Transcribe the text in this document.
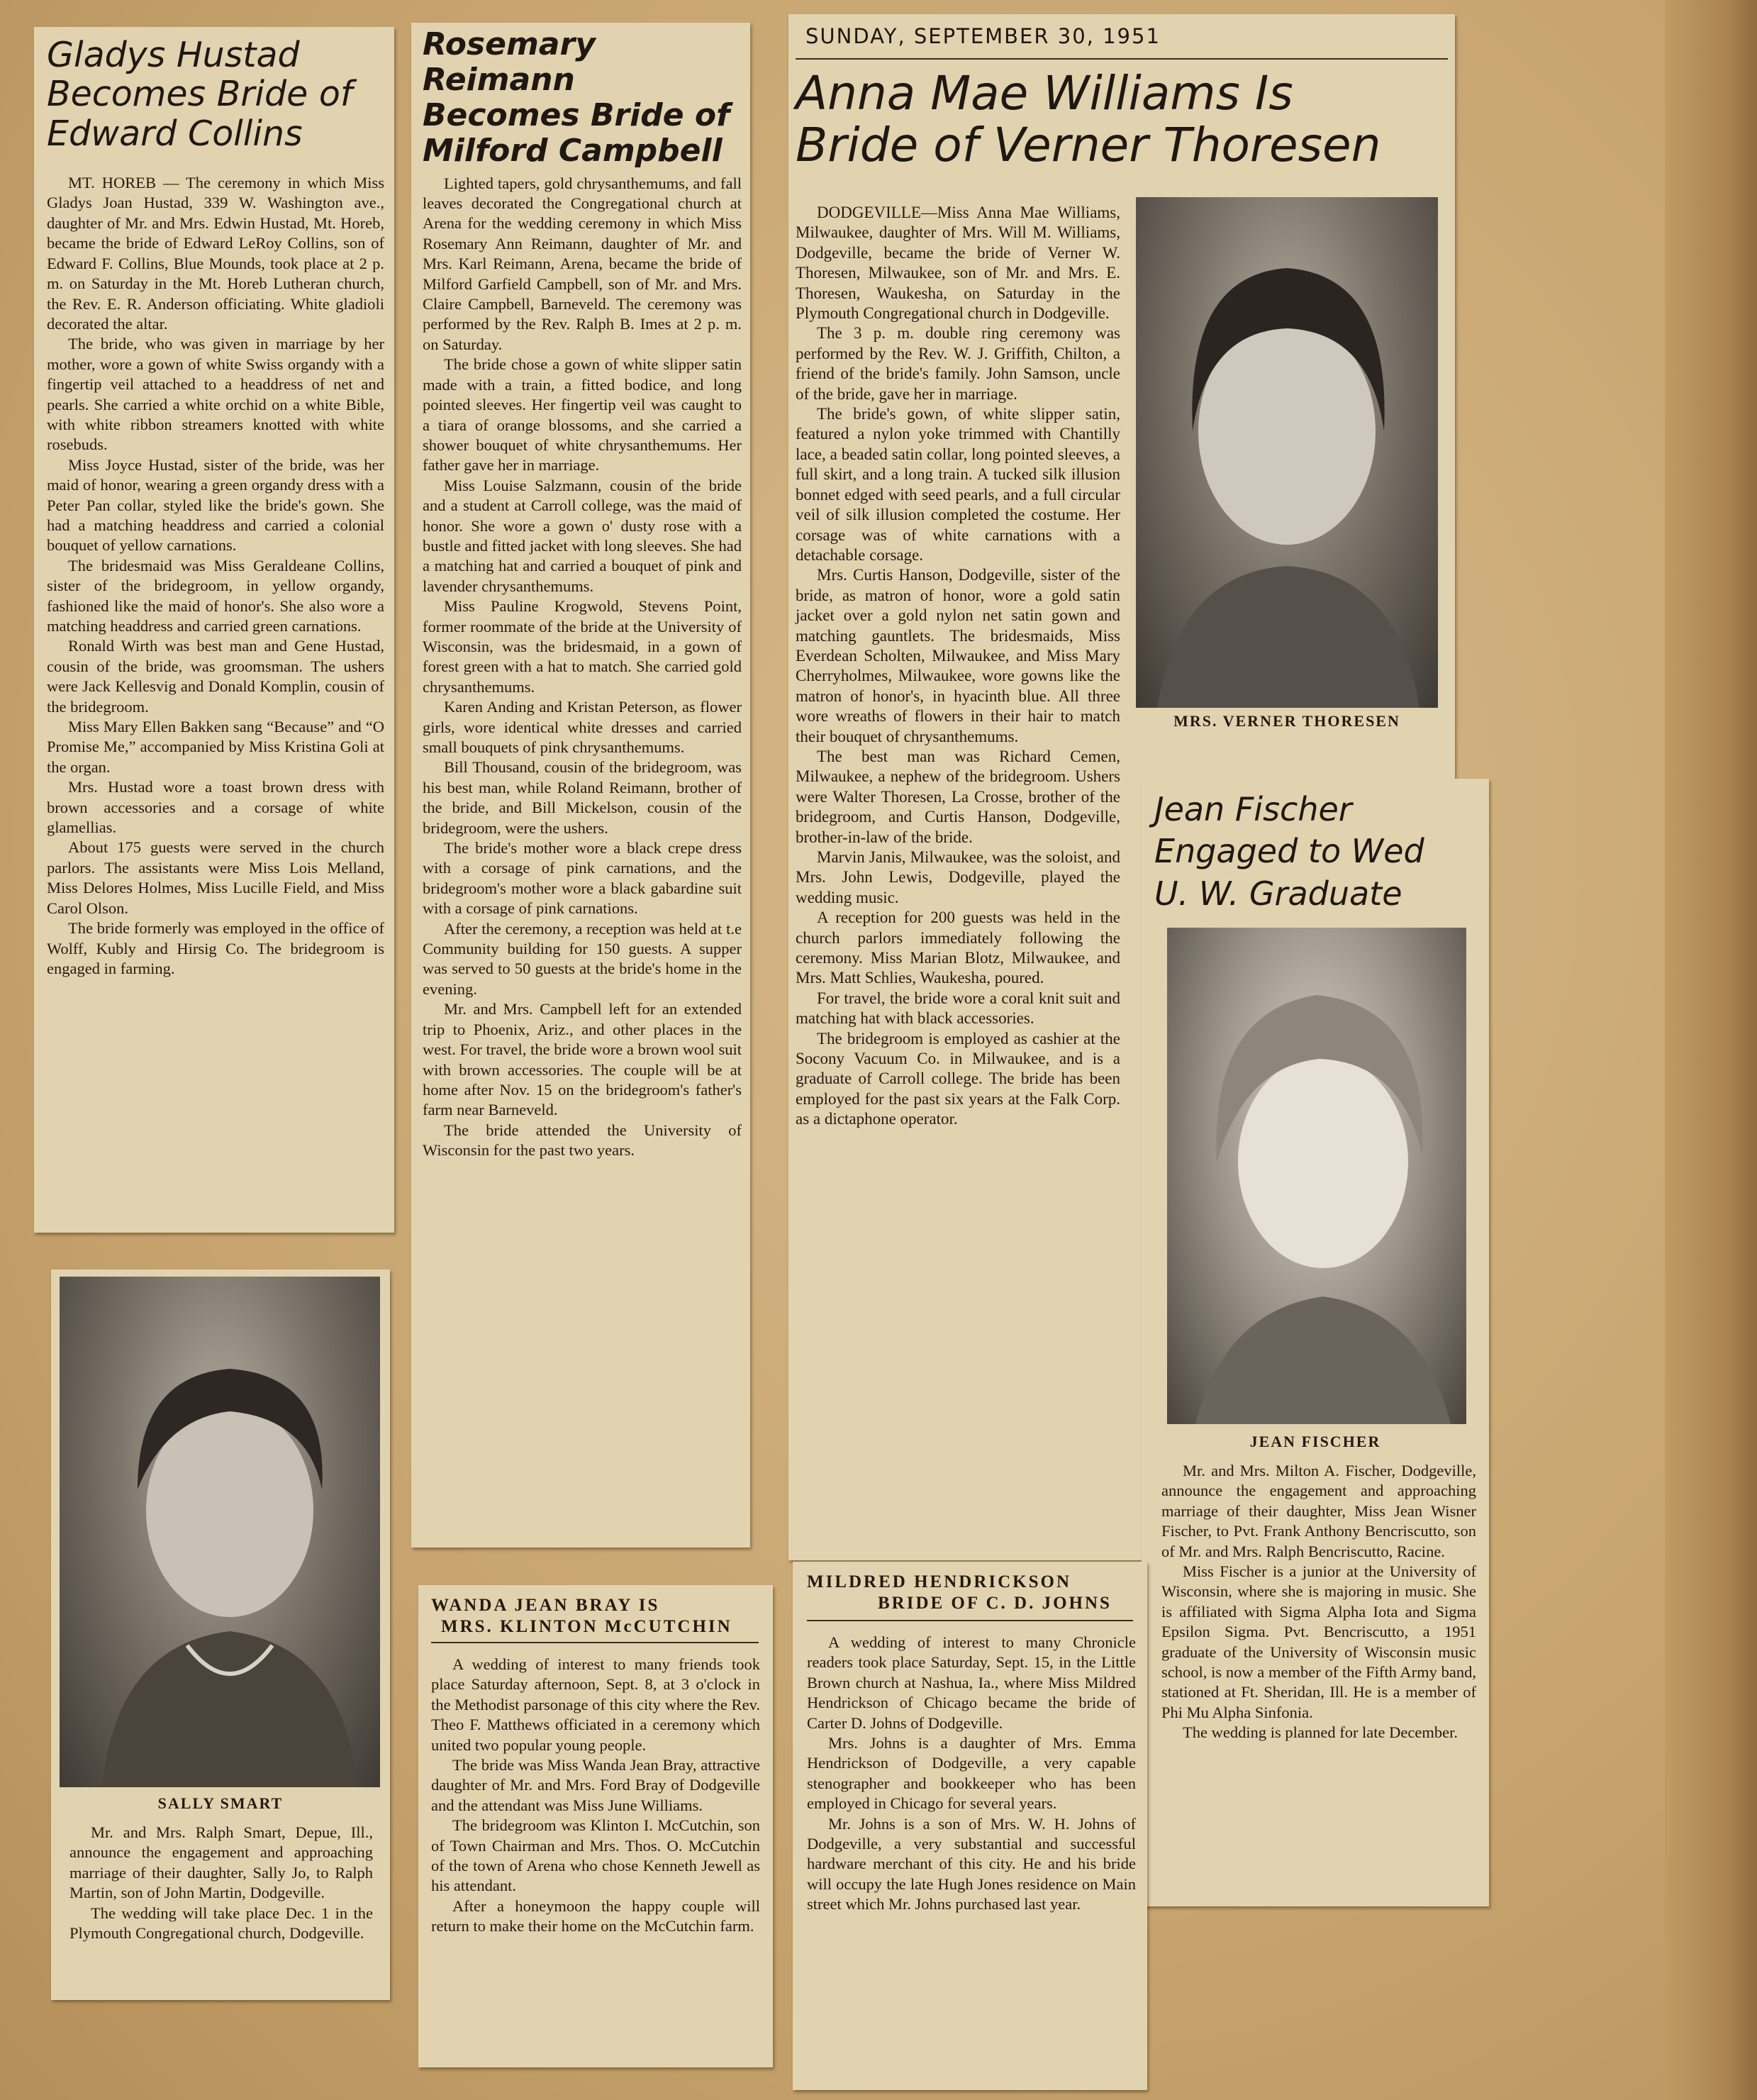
Gladys Hustad
Becomes Bride of
Edward Collins

MT. HOREB — The ceremony in which Miss Gladys Joan Hustad, 339 W. Washington ave., daughter of Mr. and Mrs. Edwin Hustad, Mt. Horeb, became the bride of Edward LeRoy Collins, son of Edward F. Collins, Blue Mounds, took place at 2 p. m. on Saturday in the Mt. Horeb Lutheran church, the Rev. E. R. Anderson officiating. White gladioli decorated the altar.

The bride, who was given in marriage by her mother, wore a gown of white Swiss organdy with a fingertip veil attached to a headdress of net and pearls. She carried a white orchid on a white Bible, with white ribbon streamers knotted with white rosebuds.

Miss Joyce Hustad, sister of the bride, was her maid of honor, wearing a green organdy dress with a Peter Pan collar, styled like the bride's gown. She had a matching headdress and carried a colonial bouquet of yellow carnations.

The bridesmaid was Miss Geraldeane Collins, sister of the bridegroom, in yellow organdy, fashioned like the maid of honor's. She also wore a matching headdress and carried green carnations.

Ronald Wirth was best man and Gene Hustad, cousin of the bride, was groomsman. The ushers were Jack Kellesvig and Donald Komplin, cousin of the bridegroom.

Miss Mary Ellen Bakken sang “Because” and “O Promise Me,” accompanied by Miss Kristina Goli at the organ.

Mrs. Hustad wore a toast brown dress with brown accessories and a corsage of white glamellias.

About 175 guests were served in the church parlors. The assistants were Miss Lois Melland, Miss Delores Holmes, Miss Lucille Field, and Miss Carol Olson.

The bride formerly was employed in the office of Wolff, Kubly and Hirsig Co. The bridegroom is engaged in farming.

SALLY SMART

Mr. and Mrs. Ralph Smart, Depue, Ill., announce the engagement and approaching marriage of their daughter, Sally Jo, to Ralph Martin, son of John Martin, Dodgeville.

The wedding will take place Dec. 1 in the Plymouth Congregational church, Dodgeville.

Rosemary Reimann
Becomes Bride of
Milford Campbell

Lighted tapers, gold chrysanthemums, and fall leaves decorated the Congregational church at Arena for the wedding ceremony in which Miss Rosemary Ann Reimann, daughter of Mr. and Mrs. Karl Reimann, Arena, became the bride of Milford Garfield Campbell, son of Mr. and Mrs. Claire Campbell, Barneveld. The ceremony was performed by the Rev. Ralph B. Imes at 2 p. m. on Saturday.

The bride chose a gown of white slipper satin made with a train, a fitted bodice, and long pointed sleeves. Her fingertip veil was caught to a tiara of orange blossoms, and she carried a shower bouquet of white chrysanthemums. Her father gave her in marriage.

Miss Louise Salzmann, cousin of the bride and a student at Carroll college, was the maid of honor. She wore a gown o' dusty rose with a bustle and fitted jacket with long sleeves. She had a matching hat and carried a bouquet of pink and lavender chrysanthemums.

Miss Pauline Krogwold, Stevens Point, former roommate of the bride at the University of Wisconsin, was the bridesmaid, in a gown of forest green with a hat to match. She carried gold chrysanthemums.

Karen Anding and Kristan Peterson, as flower girls, wore identical white dresses and carried small bouquets of pink chrysanthemums.

Bill Thousand, cousin of the bridegroom, was his best man, while Roland Reimann, brother of the bride, and Bill Mickelson, cousin of the bridegroom, were the ushers.

The bride's mother wore a black crepe dress with a corsage of pink carnations, and the bridegroom's mother wore a black gabardine suit with a corsage of pink carnations.

After the ceremony, a reception was held at t.e Community building for 150 guests. A supper was served to 50 guests at the bride's home in the evening.

Mr. and Mrs. Campbell left for an extended trip to Phoenix, Ariz., and other places in the west. For travel, the bride wore a brown wool suit with brown accessories. The couple will be at home after Nov. 15 on the bridegroom's father's farm near Barneveld.

The bride attended the University of Wisconsin for the past two years.

WANDA JEAN BRAY IS
MRS. KLINTON McCUTCHIN

A wedding of interest to many friends took place Saturday afternoon, Sept. 8, at 3 o'clock in the Methodist parsonage of this city where the Rev. Theo F. Matthews officiated in a ceremony which united two popular young people.

The bride was Miss Wanda Jean Bray, attractive daughter of Mr. and Mrs. Ford Bray of Dodgeville and the attendant was Miss June Williams.

The bridegroom was Klinton I. McCutchin, son of Town Chairman and Mrs. Thos. O. McCutchin of the town of Arena who chose Kenneth Jewell as his attendant.

After a honeymoon the happy couple will return to make their home on the McCutchin farm.

SUNDAY, SEPTEMBER 30, 1951
Anna Mae Williams Is
Bride of Verner Thoresen

DODGEVILLE—Miss Anna Mae Williams, Milwaukee, daughter of Mrs. Will M. Williams, Dodgeville, became the bride of Verner W. Thoresen, Milwaukee, son of Mr. and Mrs. E. Thoresen, Waukesha, on Saturday in the Plymouth Congregational church in Dodgeville.

The 3 p. m. double ring ceremony was performed by the Rev. W. J. Griffith, Chilton, a friend of the bride's family. John Samson, uncle of the bride, gave her in marriage.

The bride's gown, of white slipper satin, featured a nylon yoke trimmed with Chantilly lace, a beaded satin collar, long pointed sleeves, a full skirt, and a long train. A tucked silk illusion bonnet edged with seed pearls, and a full circular veil of silk illusion completed the costume. Her corsage was of white carnations with a detachable corsage.

Mrs. Curtis Hanson, Dodgeville, sister of the bride, as matron of honor, wore a gold satin jacket over a gold nylon net satin gown and matching gauntlets. The bridesmaids, Miss Everdean Scholten, Milwaukee, and Miss Mary Cherryholmes, Milwaukee, wore gowns like the matron of honor's, in hyacinth blue. All three wore wreaths of flowers in their hair to match their bouquet of chrysanthemums.

The best man was Richard Cemen, Milwaukee, a nephew of the bridegroom. Ushers were Walter Thoresen, La Crosse, brother of the bridegroom, and Curtis Hanson, Dodgeville, brother-in-law of the bride.

Marvin Janis, Milwaukee, was the soloist, and Mrs. John Lewis, Dodgeville, played the wedding music.

A reception for 200 guests was held in the church parlors immediately following the ceremony. Miss Marian Blotz, Milwaukee, and Mrs. Matt Schlies, Waukesha, poured.

For travel, the bride wore a coral knit suit and matching hat with black accessories.

The bridegroom is employed as cashier at the Socony Vacuum Co. in Milwaukee, and is a graduate of Carroll college. The bride has been employed for the past six years at the Falk Corp. as a dictaphone operator.

MRS. VERNER THORESEN
Jean Fischer
Engaged to Wed
U. W. Graduate
JEAN FISCHER

Mr. and Mrs. Milton A. Fischer, Dodgeville, announce the engagement and approaching marriage of their daughter, Miss Jean Wisner Fischer, to Pvt. Frank Anthony Bencriscutto, son of Mr. and Mrs. Ralph Bencriscutto, Racine.

Miss Fischer is a junior at the University of Wisconsin, where she is majoring in music. She is affiliated with Sigma Alpha Iota and Sigma Epsilon Sigma. Pvt. Bencriscutto, a 1951 graduate of the University of Wisconsin music school, is now a member of the Fifth Army band, stationed at Ft. Sheridan, Ill. He is a member of Phi Mu Alpha Sinfonia.

The wedding is planned for late December.

MILDRED HENDRICKSON
BRIDE OF C. D. JOHNS

A wedding of interest to many Chronicle readers took place Saturday, Sept. 15, in the Little Brown church at Nashua, Ia., where Miss Mildred Hendrickson of Chicago became the bride of Carter D. Johns of Dodgeville.

Mrs. Johns is a daughter of Mrs. Emma Hendrickson of Dodgeville, a very capable stenographer and bookkeeper who has been employed in Chicago for several years.

Mr. Johns is a son of Mrs. W. H. Johns of Dodgeville, a very substantial and successful hardware merchant of this city. He and his bride will occupy the late Hugh Jones residence on Main street which Mr. Johns purchased last year.
